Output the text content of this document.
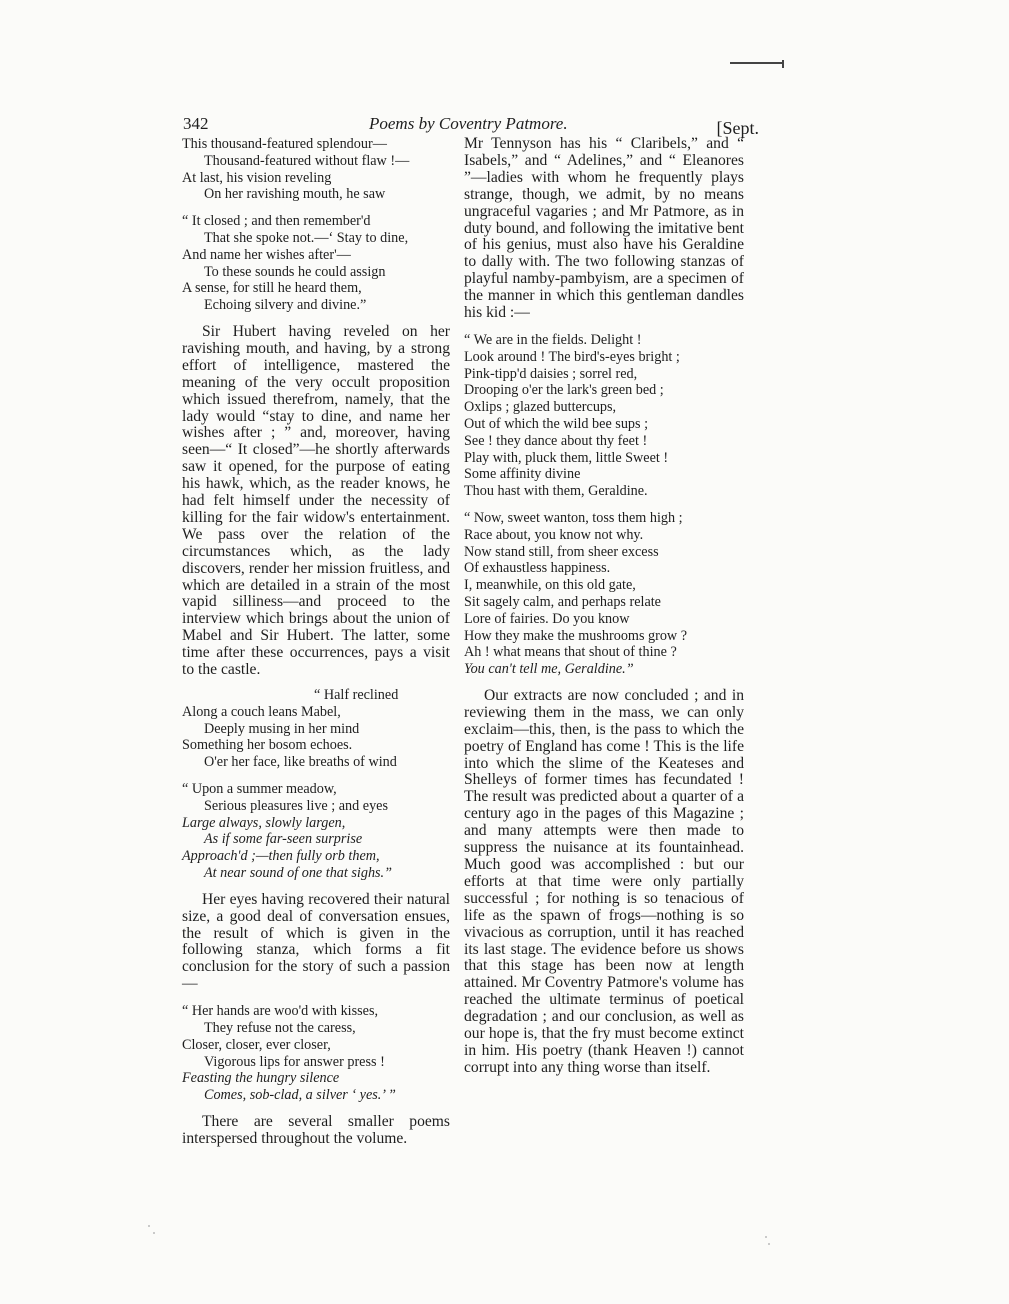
342	Poems by Coventry Patmore.	[Sept.
This thousand-featured splendour—
Thousand-featured without flaw !—
At last, his vision reveling
On her ravishing mouth, he saw
“ It closed ; and then remember'd
That she spoke not.—‘ Stay to dine,
And name her wishes after'—
To these sounds he could assign
A sense, for still he heard them,
Echoing silvery and divine.”

Sir Hubert having reveled on her ravishing mouth, and having, by a strong effort of intelligence, mastered the meaning of the very occult proposition which issued therefrom, namely, that the lady would “stay to dine, and name her wishes after ; ” and, moreover, having seen—“ It closed”—he shortly afterwards saw it opened, for the purpose of eating his hawk, which, as the reader knows, he had felt himself under the necessity of killing for the fair widow's entertainment. We pass over the relation of the circumstances which, as the lady discovers, render her mission fruitless, and which are detailed in a strain of the most vapid silliness—and proceed to the interview which brings about the union of Mabel and Sir Hubert. The latter, some time after these occurrences, pays a visit to the castle.

“ Half reclined
Along a couch leans Mabel,
Deeply musing in her mind
Something her bosom echoes.
O'er her face, like breaths of wind
“ Upon a summer meadow,
Serious pleasures live ; and eyes
Large always, slowly largen,
As if some far-seen surprise
Approach'd ;—then fully orb them,
At near sound of one that sighs.”

Her eyes having recovered their natural size, a good deal of conversation ensues, the result of which is given in the following stanza, which forms a fit conclusion for the story of such a passion—

“ Her hands are woo'd with kisses,
They refuse not the caress,
Closer, closer, ever closer,
Vigorous lips for answer press !
Feasting the hungry silence
Comes, sob-clad, a silver ‘ yes.’ ”

There are several smaller poems interspersed throughout the volume.

Mr Tennyson has his “ Claribels,” and “ Isabels,” and “ Adelines,” and “ Eleanores ”—ladies with whom he frequently plays strange, though, we admit, by no means ungraceful vagaries ; and Mr Patmore, as in duty bound, and following the imitative bent of his genius, must also have his Geraldine to dally with. The two following stanzas of playful namby-pambyism, are a specimen of the manner in which this gentleman dandles his kid :—

“ We are in the fields. Delight !
Look around ! The bird's-eyes bright ;
Pink-tipp'd daisies ; sorrel red,
Drooping o'er the lark's green bed ;
Oxlips ; glazed buttercups,
Out of which the wild bee sups ;
See ! they dance about thy feet !
Play with, pluck them, little Sweet !
Some affinity divine
Thou hast with them, Geraldine.
“ Now, sweet wanton, toss them high ;
Race about, you know not why.
Now stand still, from sheer excess
Of exhaustless happiness.
I, meanwhile, on this old gate,
Sit sagely calm, and perhaps relate
Lore of fairies. Do you know
How they make the mushrooms grow ?
Ah ! what means that shout of thine ?
You can't tell me, Geraldine.”

Our extracts are now concluded ; and in reviewing them in the mass, we can only exclaim—this, then, is the pass to which the poetry of England has come ! This is the life into which the slime of the Keateses and Shelleys of former times has fecundated ! The result was predicted about a quarter of a century ago in the pages of this Magazine ; and many attempts were then made to suppress the nuisance at its fountainhead. Much good was accomplished : but our efforts at that time were only partially successful ; for nothing is so tenacious of life as the spawn of frogs—nothing is so vivacious as corruption, until it has reached its last stage. The evidence before us shows that this stage has been now at length attained. Mr Coventry Patmore's volume has reached the ultimate terminus of poetical degradation ; and our conclusion, as well as our hope is, that the fry must become extinct in him. His poetry (thank Heaven !) cannot corrupt into any thing worse than itself.
